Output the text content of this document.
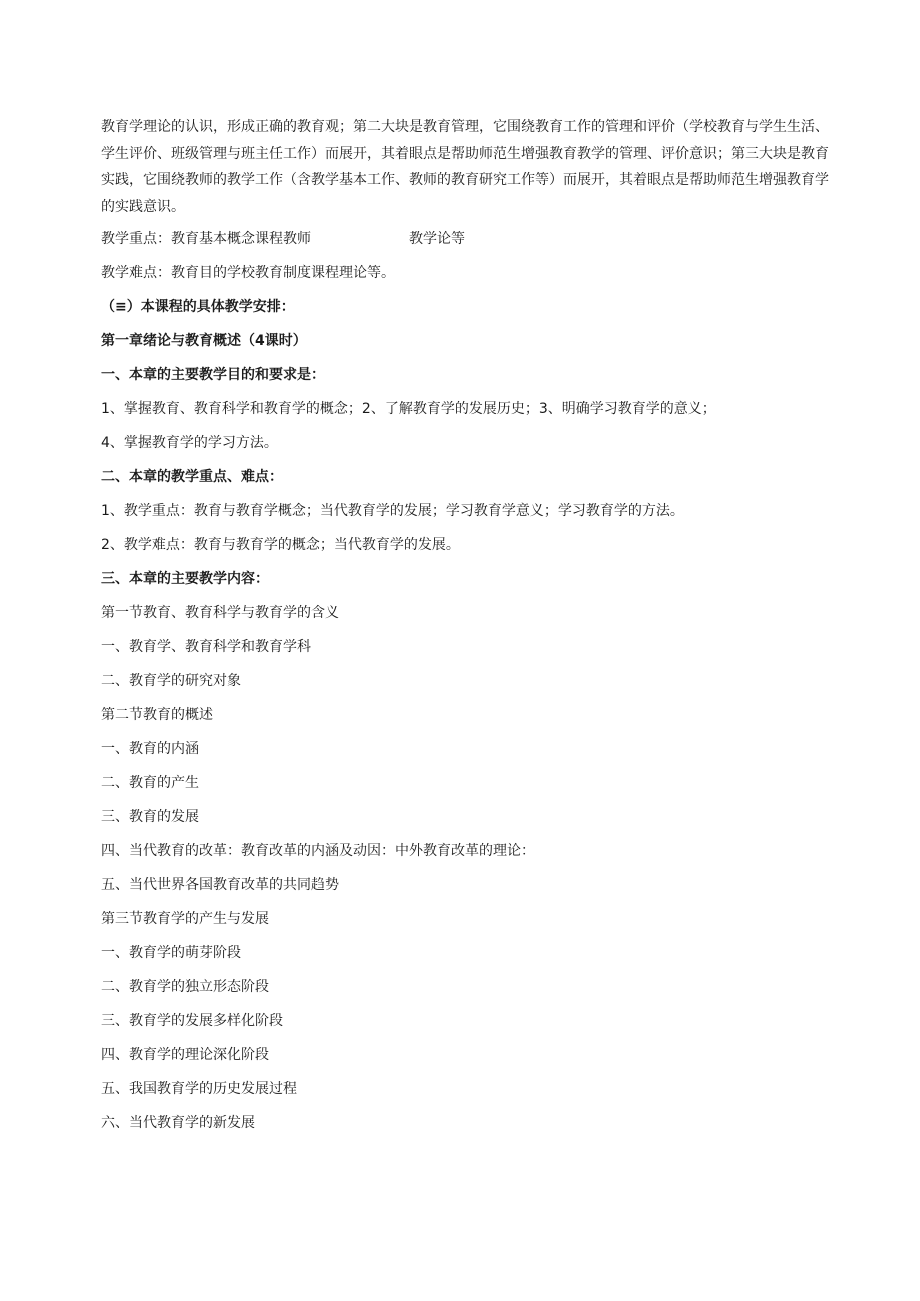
教育学理论的认识，形成正确的教育观；第二大块是教育管理，它围绕教育工作的管理和评价（学校教育与学生生活、学生评价、班级管理与班主任工作）而展开，其着眼点是帮助师范生增强教育教学的管理、评价意识；第三大块是教育实践，它围绕教师的教学工作（含教学基本工作、教师的教育研究工作等）而展开，其着眼点是帮助师范生增强教育学的实践意识。

教学重点：教育基本概念课程教师	教学论等

教学难点：教育目的学校教育制度课程理论等。

（≡）本课程的具体教学安排：

第一章绪论与教育概述（4课时）

一、本章的主要教学目的和要求是：

1、掌握教育、教育科学和教育学的概念；2、了解教育学的发展历史；3、明确学习教育学的意义；

4、掌握教育学的学习方法。

二、本章的教学重点、难点：

1、教学重点：教育与教育学概念；当代教育学的发展；学习教育学意义；学习教育学的方法。

2、教学难点：教育与教育学的概念；当代教育学的发展。

三、本章的主要教学内容：

第一节教育、教育科学与教育学的含义

一、教育学、教育科学和教育学科

二、教育学的研究对象

第二节教育的概述

一、教育的内涵

二、教育的产生

三、教育的发展

四、当代教育的改革：教育改革的内涵及动因：中外教育改革的理论：

五、当代世界各国教育改革的共同趋势

第三节教育学的产生与发展

一、教育学的萌芽阶段

二、教育学的独立形态阶段

三、教育学的发展多样化阶段

四、教育学的理论深化阶段

五、我国教育学的历史发展过程

六、当代教育学的新发展
